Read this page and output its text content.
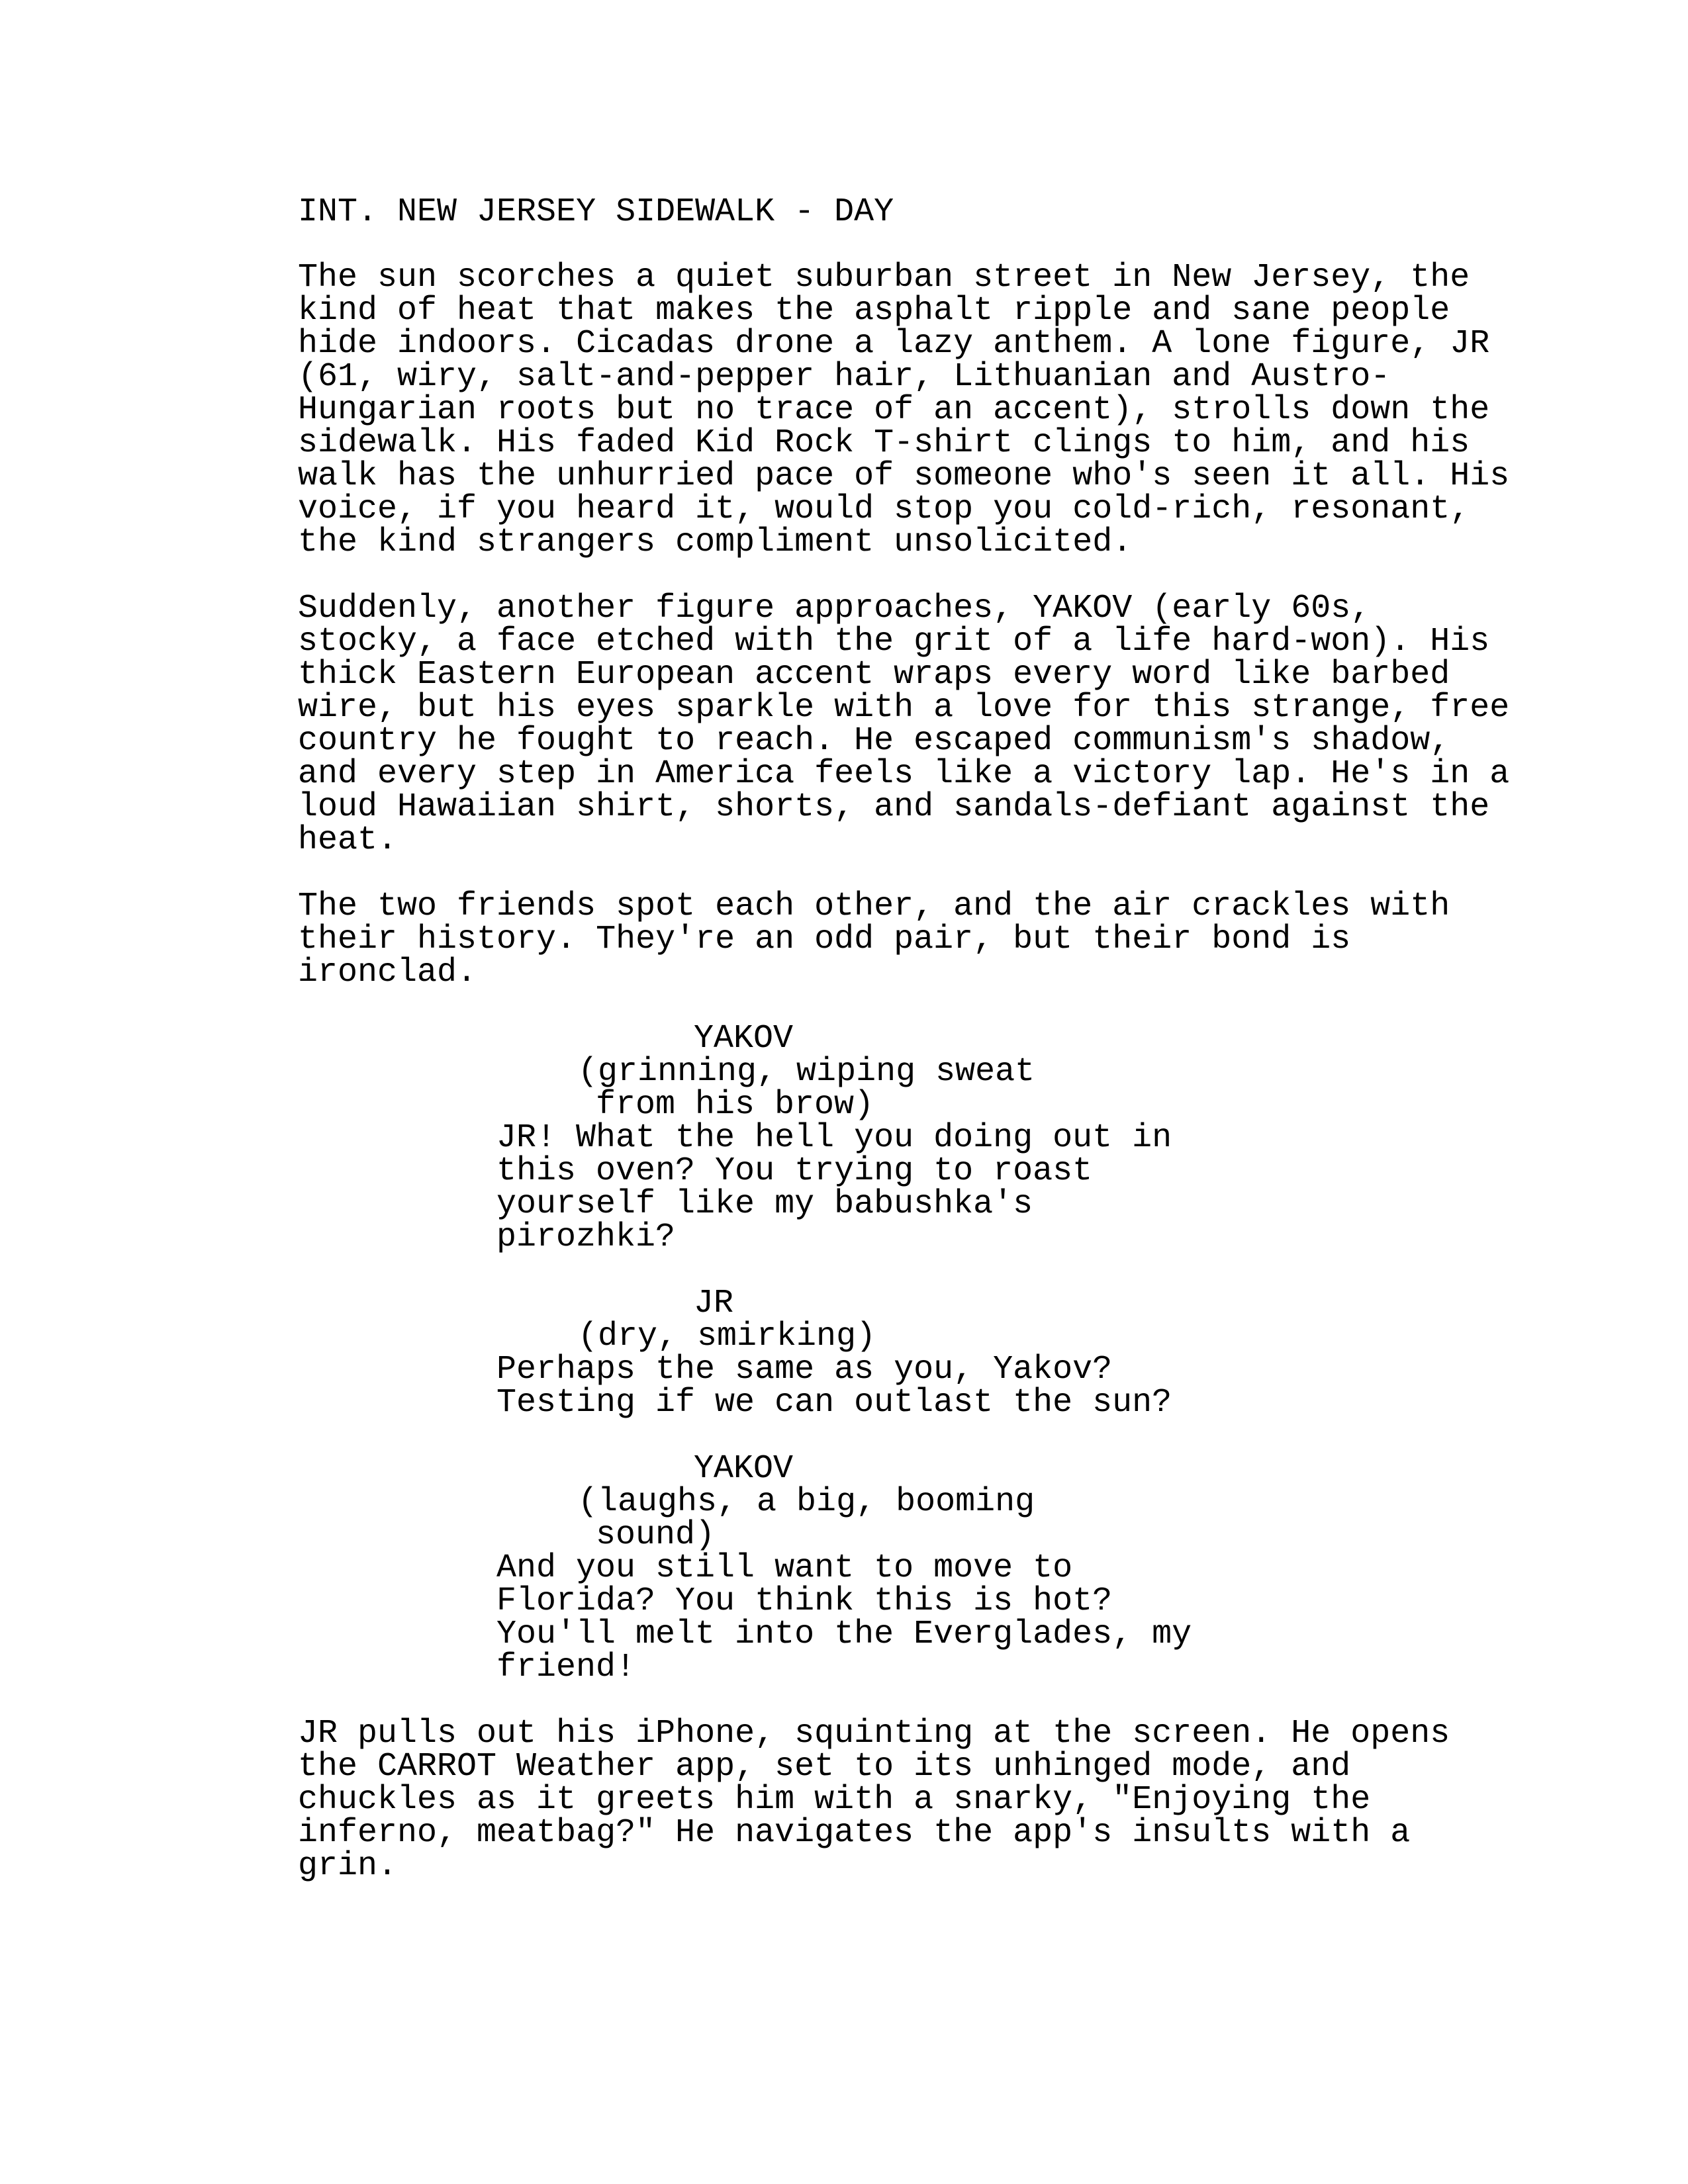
INT. NEW JERSEY SIDEWALK - DAY

The sun scorches a quiet suburban street in New Jersey, the

kind of heat that makes the asphalt ripple and sane people

hide indoors. Cicadas drone a lazy anthem. A lone figure, JR

(61, wiry, salt-and-pepper hair, Lithuanian and Austro-

Hungarian roots but no trace of an accent), strolls down the

sidewalk. His faded Kid Rock T-shirt clings to him, and his

walk has the unhurried pace of someone who's seen it all. His

voice, if you heard it, would stop you cold-rich, resonant,

the kind strangers compliment unsolicited.

Suddenly, another figure approaches, YAKOV (early 60s,

stocky, a face etched with the grit of a life hard-won). His

thick Eastern European accent wraps every word like barbed

wire, but his eyes sparkle with a love for this strange, free

country he fought to reach. He escaped communism's shadow,

and every step in America feels like a victory lap. He's in a

loud Hawaiian shirt, shorts, and sandals-defiant against the

heat.

The two friends spot each other, and the air crackles with

their history. They're an odd pair, but their bond is

ironclad.

YAKOV

(grinning, wiping sweat

from his brow)

JR! What the hell you doing out in

this oven? You trying to roast

yourself like my babushka's

pirozhki?

JR

(dry, smirking)

Perhaps the same as you, Yakov?

Testing if we can outlast the sun?

YAKOV

(laughs, a big, booming

sound)

And you still want to move to

Florida? You think this is hot?

You'll melt into the Everglades, my

friend!

JR pulls out his iPhone, squinting at the screen. He opens

the CARROT Weather app, set to its unhinged mode, and

chuckles as it greets him with a snarky, "Enjoying the

inferno, meatbag?" He navigates the app's insults with a

grin.
